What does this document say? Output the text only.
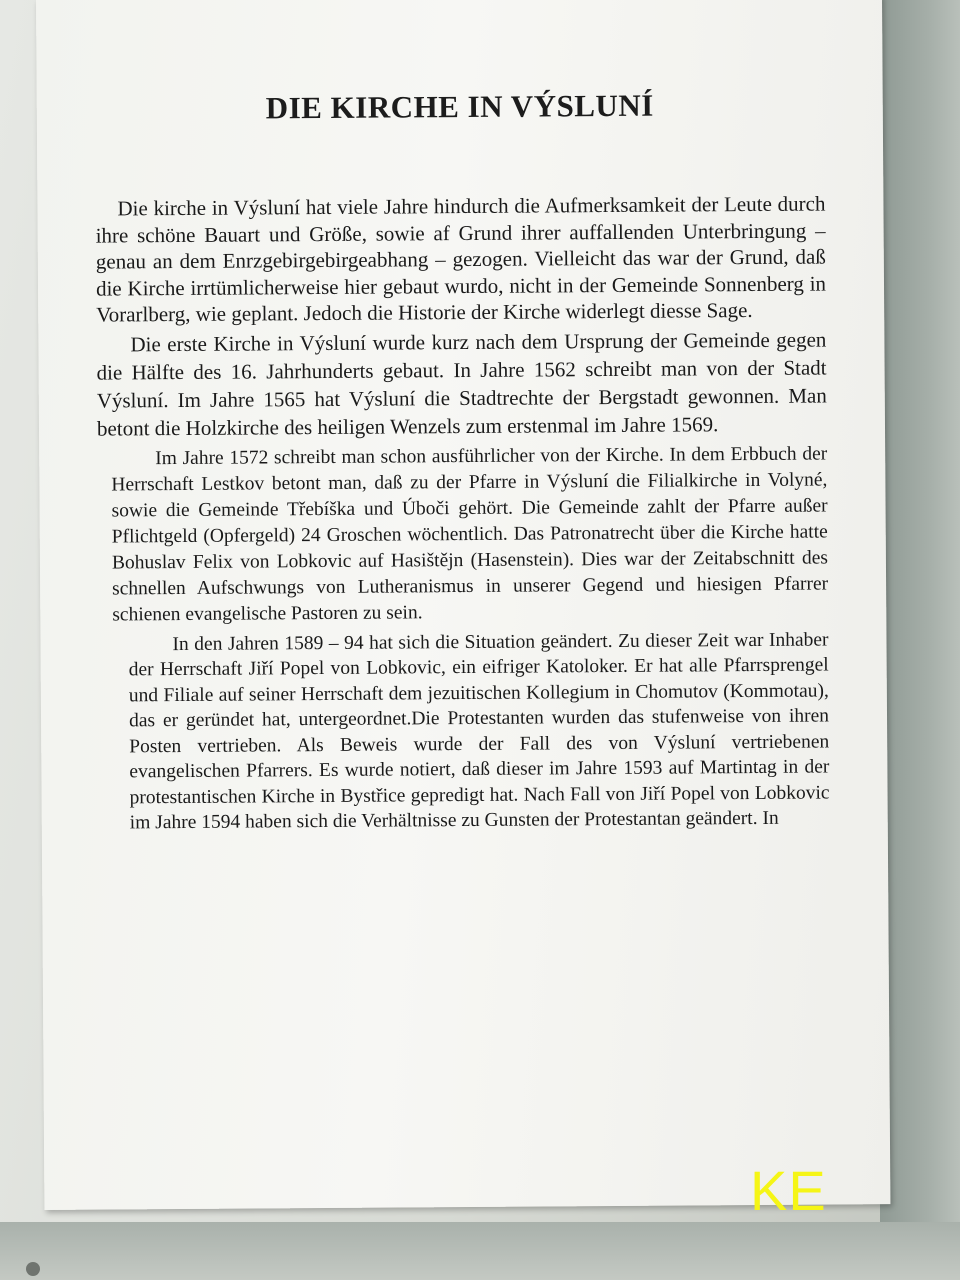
DIE KIRCHE IN VÝSLUNÍ

Die kirche in Výsluní hat viele Jahre hindurch die Aufmerksamkeit der Leute durch ihre schöne Bauart und Größe, sowie af Grund ihrer auffallenden Unterbringung – genau an dem Enrzgebirgebirgeabhang – gezogen. Vielleicht das war der Grund, daß die Kirche irrtümlicherweise hier gebaut wurdo, nicht in der Gemeinde Sonnenberg in Vorarlberg, wie geplant. Jedoch die Historie der Kirche widerlegt diesse Sage.

Die erste Kirche in Výsluní wurde kurz nach dem Ursprung der Gemeinde gegen die Hälfte des 16. Jahrhunderts gebaut. In Jahre 1562 schreibt man von der Stadt Výsluní. Im Jahre 1565 hat Výsluní die Stadtrechte der Bergstadt gewonnen. Man betont die Holzkirche des heiligen Wenzels zum erstenmal im Jahre 1569.

Im Jahre 1572 schreibt man schon ausführlicher von der Kirche. In dem Erbbuch der Herrschaft Lestkov betont man, daß zu der Pfarre in Výsluní die Filialkirche in Volyné, sowie die Gemeinde Třebíška und Úboči gehört. Die Gemeinde zahlt der Pfarre außer Pflichtgeld (Opfergeld) 24 Groschen wöchentlich. Das Patronatrecht über die Kirche hatte Bohuslav Felix von Lobkovic auf Hasištějn (Hasenstein). Dies war der Zeitabschnitt des schnellen Aufschwungs von Lutheranismus in unserer Gegend und hiesigen Pfarrer schienen evangelische Pastoren zu sein.

In den Jahren 1589 – 94 hat sich die Situation geändert. Zu dieser Zeit war Inhaber der Herrschaft Jiří Popel von Lobkovic, ein eifriger Katoloker. Er hat alle Pfarrsprengel und Filiale auf seiner Herrschaft dem jezuitischen Kollegium in Chomutov (Kommotau), das er geründet hat, untergeordnet.Die Protestanten wurden das stufenweise von ihren Posten vertrieben. Als Beweis wurde der Fall des von Výsluní vertriebenen evangelischen Pfarrers. Es wurde notiert, daß dieser im Jahre 1593 auf Martintag in der protestantischen Kirche in Bystřice gepredigt hat. Nach Fall von Jiří Popel von Lobkovic im Jahre 1594 haben sich die Verhältnisse zu Gunsten der Protestantan geändert. In

KE
